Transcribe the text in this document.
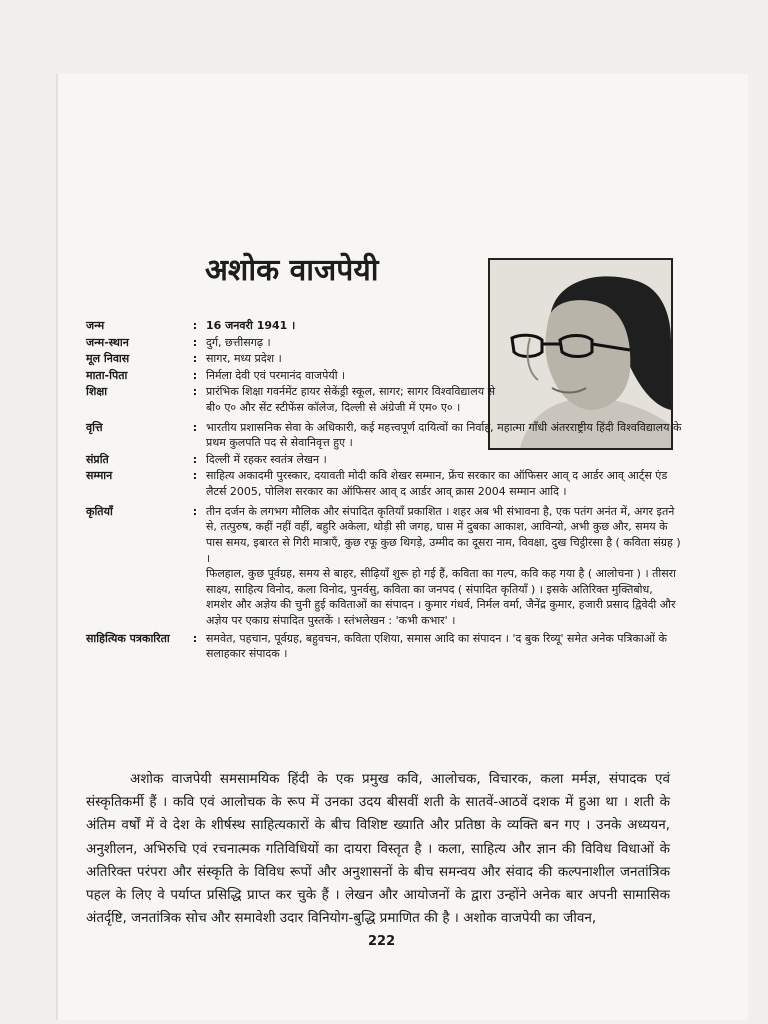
अशोक वाजपेयी
जन्म	: 16 जनवरी 1941 ।

जन्म-स्थान	: दुर्ग, छत्तीसगढ़ ।

मूल निवास	: सागर, मध्य प्रदेश ।

माता-पिता	: निर्मला देवी एवं परमानंद वाजपेयी ।

शिक्षा	: प्रारंभिक शिक्षा गवर्नमेंट हायर सेकेंड्री स्कूल, सागर; सागर विश्वविद्यालय से बी० ए० और सेंट स्टीफेंस कॉलेज, दिल्ली से अंग्रेजी में एम० ए० ।

वृत्ति	: भारतीय प्रशासनिक सेवा के अधिकारी, कई महत्त्वपूर्ण दायित्वों का निर्वाह, महात्मा गाँधी अंतरराष्ट्रीय हिंदी विश्वविद्यालय के प्रथम कुलपति पद से सेवानिवृत्त हुए ।

संप्रति	: दिल्ली में रहकर स्वतंत्र लेखन ।

सम्मान	: साहित्य अकादमी पुरस्कार, दयावती मोदी कवि शेखर सम्मान, फ्रेंच सरकार का ऑफिसर आव् द आर्डर आव् आर्ट्स एंड लैटर्स 2005, पोलिश सरकार का ऑफिसर आव् द आर्डर आव् क्रास 2004 सम्मान आदि ।

कृतियाँ	: तीन दर्जन के लगभग मौलिक और संपादित कृतियाँ प्रकाशित । शहर अब भी संभावना है, एक पतंग अनंत में, अगर इतने से, तत्पुरुष, कहीं नहीं वहीं, बहुरि अकेला, थोड़ी सी जगह, घास में दुबका आकाश, आविन्यो, अभी कुछ और, समय के पास समय, इबारत से गिरी मात्राएँ, कुछ रफू कुछ थिगड़े, उम्मीद का दूसरा नाम, विवक्षा, दुख चिट्ठीरसा है ( कविता संग्रह ) ।

फिलहाल, कुछ पूर्वग्रह, समय से बाहर, सीढ़ियाँ शुरू हो गई हैं, कविता का गल्प, कवि कह गया है ( आलोचना ) । तीसरा साक्ष्य, साहित्य विनोद, कला विनोद, पुनर्वसु, कविता का जनपद ( संपादित कृतियाँ ) । इसके अतिरिक्त मुक्तिबोध, शमशेर और अज्ञेय की चुनी हुई कविताओं का संपादन । कुमार गंधर्व, निर्मल वर्मा, जैनेंद्र कुमार, हजारी प्रसाद द्विवेदी और अज्ञेय पर एकाग्र संपादित पुस्तकें । स्तंभलेखन : 'कभी कभार' ।

साहित्यिक पत्रकारिता	: समवेत, पहचान, पूर्वग्रह, बहुवचन, कविता एशिया, समास आदि का संपादन । 'द बुक रिव्यू' समेत अनेक पत्रिकाओं के सलाहकार संपादक ।

अशोक वाजपेयी समसामयिक हिंदी के एक प्रमुख कवि, आलोचक, विचारक, कला मर्मज्ञ, संपादक एवं संस्कृतिकर्मी हैं । कवि एवं आलोचक के रूप में उनका उदय बीसवीं शती के सातवें-आठवें दशक में हुआ था । शती के अंतिम वर्षों में वे देश के शीर्षस्थ साहित्यकारों के बीच विशिष्ट ख्याति और प्रतिष्ठा के व्यक्ति बन गए । उनके अध्ययन, अनुशीलन, अभिरुचि एवं रचनात्मक गतिविधियों का दायरा विस्तृत है । कला, साहित्य और ज्ञान की विविध विधाओं के अतिरिक्त परंपरा और संस्कृति के विविध रूपों और अनुशासनों के बीच समन्वय और संवाद की कल्पनाशील जनतांत्रिक पहल के लिए वे पर्याप्त प्रसिद्धि प्राप्त कर चुके हैं । लेखन और आयोजनों के द्वारा उन्होंने अनेक बार अपनी सामासिक अंतर्दृष्टि, जनतांत्रिक सोच और समावेशी उदार विनियोग-बुद्धि प्रमाणित की है । अशोक वाजपेयी का जीवन,
222
